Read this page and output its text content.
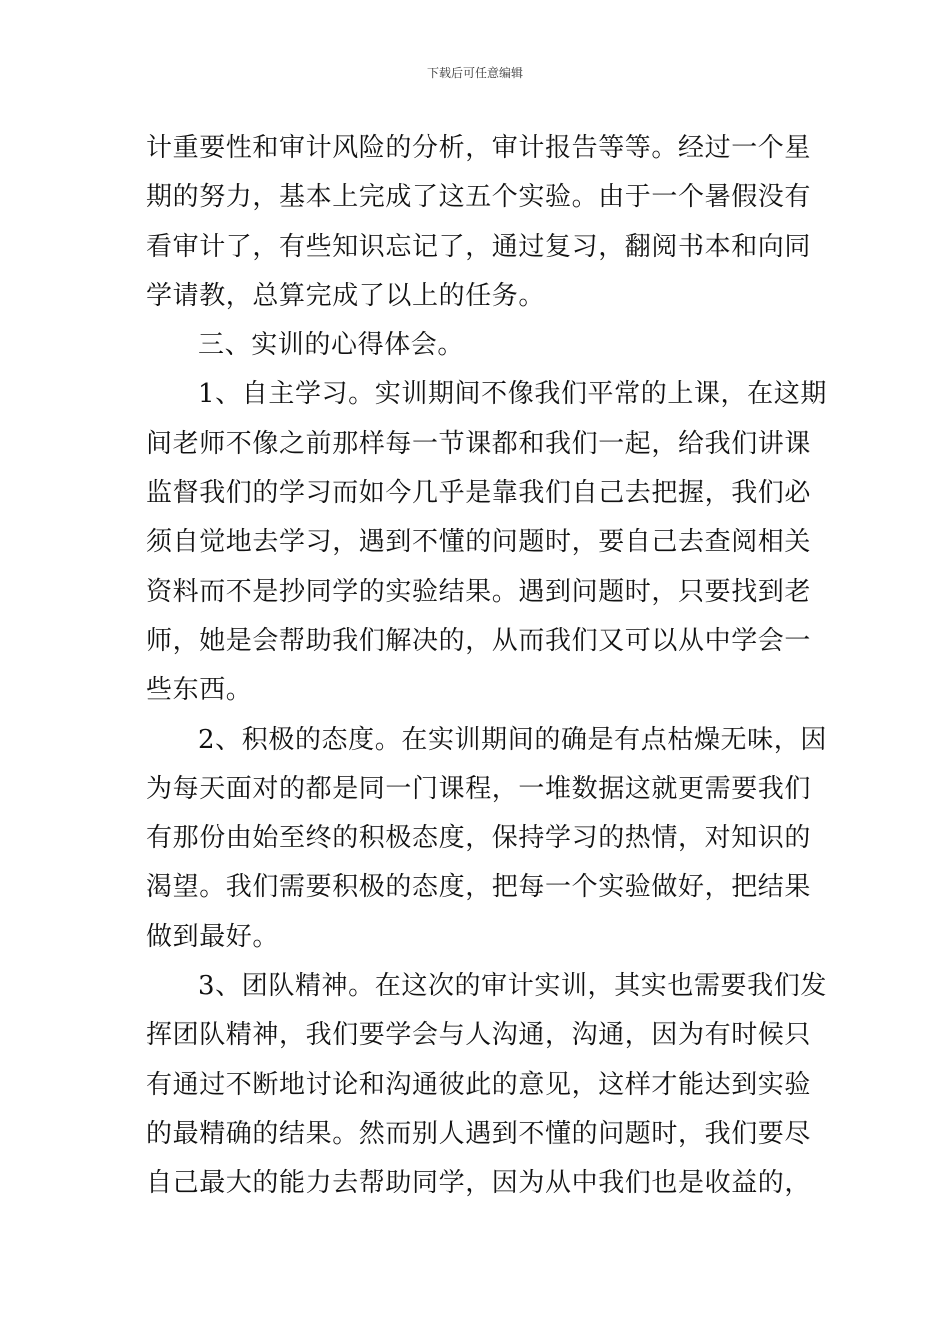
下载后可任意编辑
计重要性和审计风险的分析，审计报告等等。经过一个星
期的努力，基本上完成了这五个实验。由于一个暑假没有
看审计了，有些知识忘记了，通过复习，翻阅书本和向同
学请教，总算完成了以上的任务。
三、实训的心得体会。
1、自主学习。实训期间不像我们平常的上课，在这期
间老师不像之前那样每一节课都和我们一起，给我们讲课
监督我们的学习而如今几乎是靠我们自己去把握，我们必
须自觉地去学习，遇到不懂的问题时，要自己去查阅相关
资料而不是抄同学的实验结果。遇到问题时，只要找到老
师，她是会帮助我们解决的，从而我们又可以从中学会一
些东西。
2、积极的态度。在实训期间的确是有点枯燥无味，因
为每天面对的都是同一门课程，一堆数据这就更需要我们
有那份由始至终的积极态度，保持学习的热情，对知识的
渴望。我们需要积极的态度，把每一个实验做好，把结果
做到最好。
3、团队精神。在这次的审计实训，其实也需要我们发
挥团队精神，我们要学会与人沟通，沟通，因为有时候只
有通过不断地讨论和沟通彼此的意见，这样才能达到实验
的最精确的结果。然而别人遇到不懂的问题时，我们要尽
自己最大的能力去帮助同学，因为从中我们也是收益的，
